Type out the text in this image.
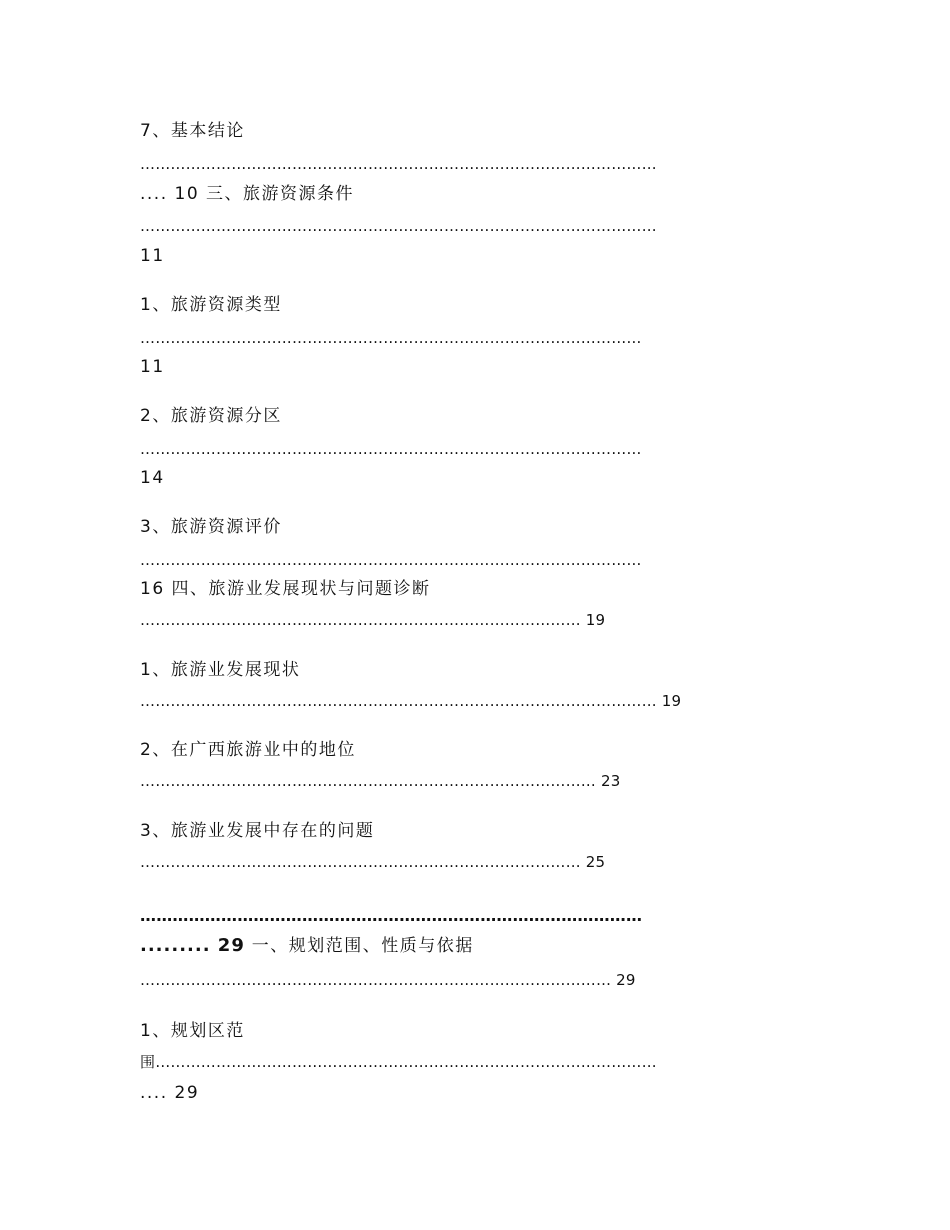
7、基本结论
…………………………………………………………………………………………
.... 10 三、旅游资源条件
…………………………………………………………………………………………
11
1、旅游资源类型
………………………………………………………………………………………
11
2、旅游资源分区
………………………………………………………………………………………
14
3、旅游资源评价
………………………………………………………………………………………
16 四、旅游业发展现状与问题诊断
…………………………………………………………………………… 19
1、旅游业发展现状
………………………………………………………………………………………… 19
2、在广西旅游业中的地位
……………………………………………………………………………… 23
3、旅游业发展中存在的问题
…………………………………………………………………………… 25
…………………………………………………………………………………
......... 29 一、规划范围、性质与依据
………………………………………………………………………………… 29
1、规划区范
围………………………………………………………………………………………
.... 29
